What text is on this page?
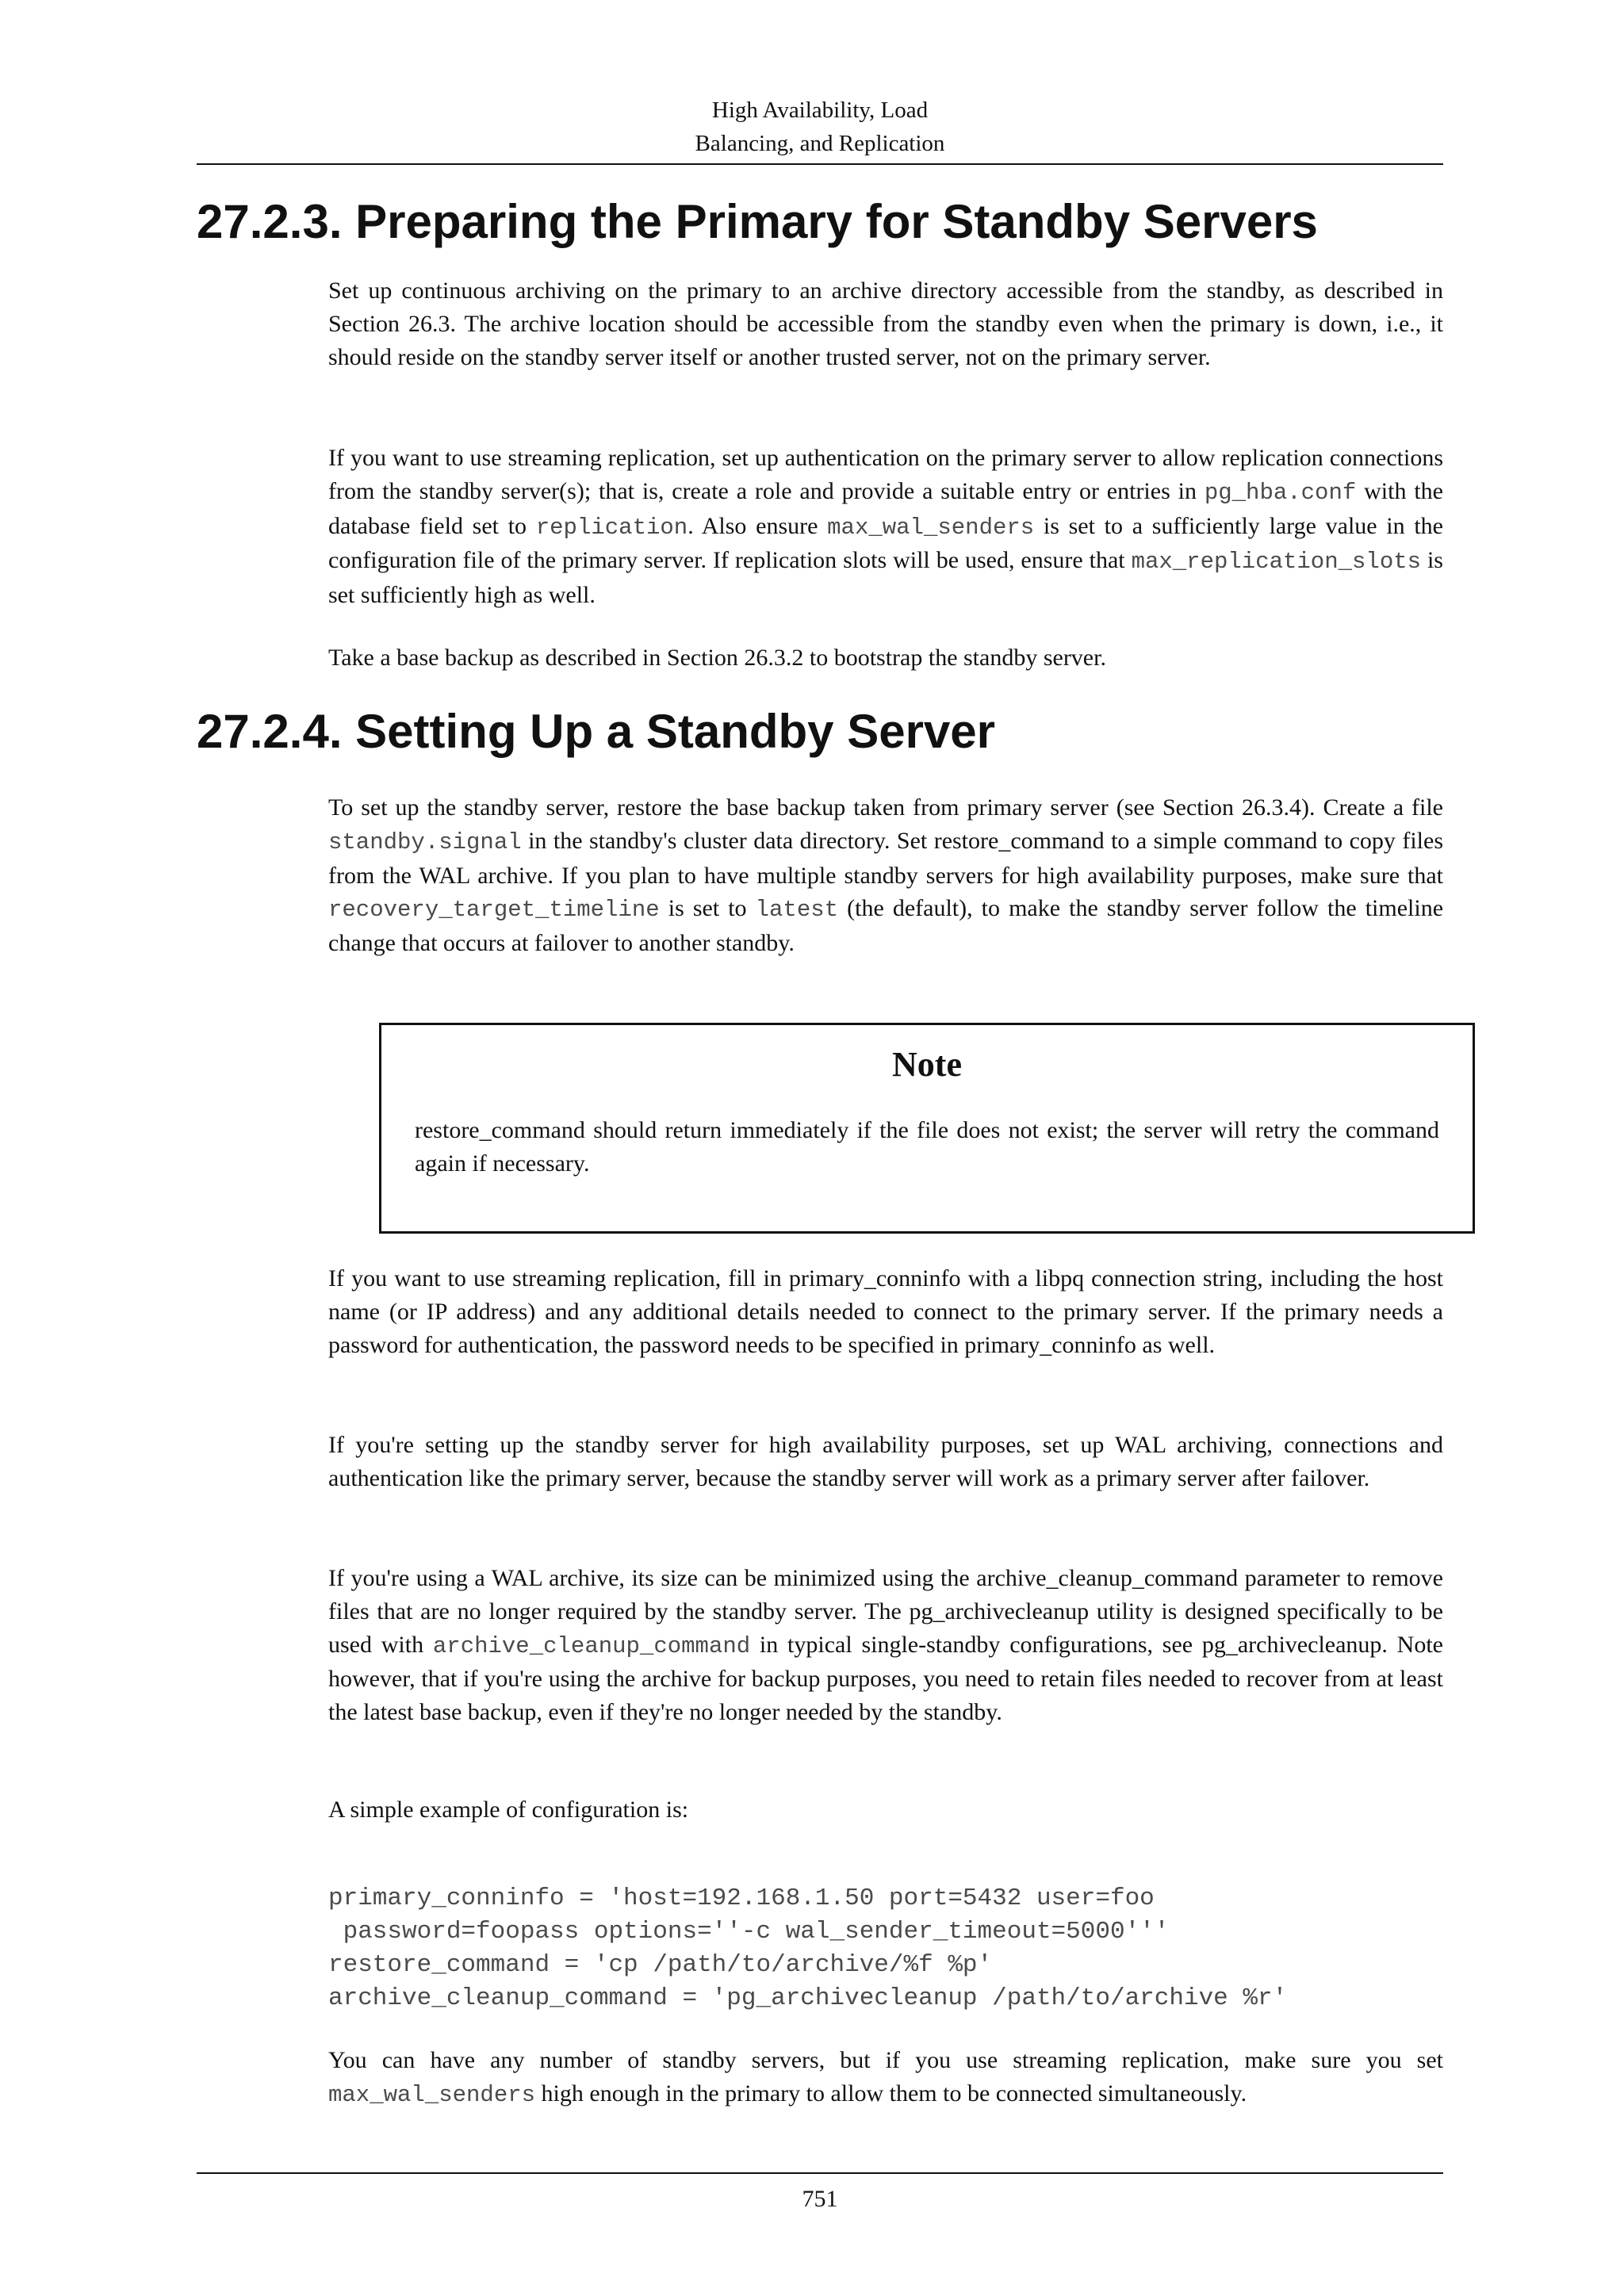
High Availability, Load
Balancing, and Replication
27.2.3. Preparing the Primary for Standby Servers

Set up continuous archiving on the primary to an archive directory accessible from the standby, as described in Section 26.3. The archive location should be accessible from the standby even when the primary is down, i.e., it should reside on the standby server itself or another trusted server, not on the primary server.

If you want to use streaming replication, set up authentication on the primary server to allow replication connections from the standby server(s); that is, create a role and provide a suitable entry or entries in pg_hba.conf with the database field set to replication. Also ensure max_wal_senders is set to a sufficiently large value in the configuration file of the primary server. If replication slots will be used, ensure that max_replication_slots is set sufficiently high as well.

Take a base backup as described in Section 26.3.2 to bootstrap the standby server.

27.2.4. Setting Up a Standby Server

To set up the standby server, restore the base backup taken from primary server (see Section 26.3.4). Create a file standby.signal in the standby's cluster data directory. Set restore_command to a simple command to copy files from the WAL archive. If you plan to have multiple standby servers for high availability purposes, make sure that recovery_target_timeline is set to latest (the default), to make the standby server follow the timeline change that occurs at failover to another standby.

Note

restore_command should return immediately if the file does not exist; the server will retry the command again if necessary.

If you want to use streaming replication, fill in primary_conninfo with a libpq connection string, including the host name (or IP address) and any additional details needed to connect to the primary server. If the primary needs a password for authentication, the password needs to be specified in primary_conninfo as well.

If you're setting up the standby server for high availability purposes, set up WAL archiving, connections and authentication like the primary server, because the standby server will work as a primary server after failover.

If you're using a WAL archive, its size can be minimized using the archive_cleanup_command parameter to remove files that are no longer required by the standby server. The pg_archivecleanup utility is designed specifically to be used with archive_cleanup_command in typical single-standby configurations, see pg_archivecleanup. Note however, that if you're using the archive for backup purposes, you need to retain files needed to recover from at least the latest base backup, even if they're no longer needed by the standby.

A simple example of configuration is:

primary_conninfo = 'host=192.168.1.50 port=5432 user=foo
password=foopass options=''-c wal_sender_timeout=5000'''
restore_command = 'cp /path/to/archive/%f %p'
archive_cleanup_command = 'pg_archivecleanup /path/to/archive %r'

You can have any number of standby servers, but if you use streaming replication, make sure you set max_wal_senders high enough in the primary to allow them to be connected simultaneously.

751
